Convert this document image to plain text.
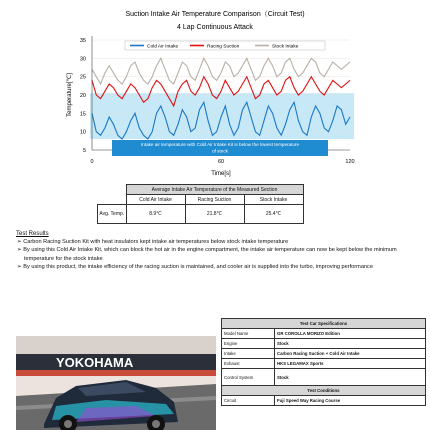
Suction Intake Air Temperature Comparison（Circuit Test)
4 Lap Continuous Attack
5
10
15
20
25
30
35
0	60	120
Temperature[℃]
Time[s]
Cold Air Intake	Racing Suction	Stock Intake
Intake air temperature with Cold Air Intake Kit is below the lowest temperature of stock
	Average Intake Air Temperature of the Measured Section		
	Cold Air Intake	Racing Suction	Stock Intake
Avg. Temp.	8.9℃	21.8℃	25.4℃
Test Results
➢ Carbon Racing Suction Kit with heat insulators kept intake air temperatures below stock intake temperature
➢ By using this Cold Air Intake Kit, which can block the hot air in the engine compartment, the intake air temperature can now be kept below the minimum temperature for the stock intake
➢ By using this product, the intake efficiency of the racing suction is maintained, and cooler air is supplied into the turbo, improving performance
YOKOHAMA
Test Car Specifications	
Model Name	GR COROLLA MORIZO Edition
Engine	Stock
Intake	Carbon Racing Suction + Cold Air Intake
Exhaust	HKS LEGAMAX Sports
Control System	Stock
Test Conditions	
Circuit	Fuji Speed Way Racing Course
